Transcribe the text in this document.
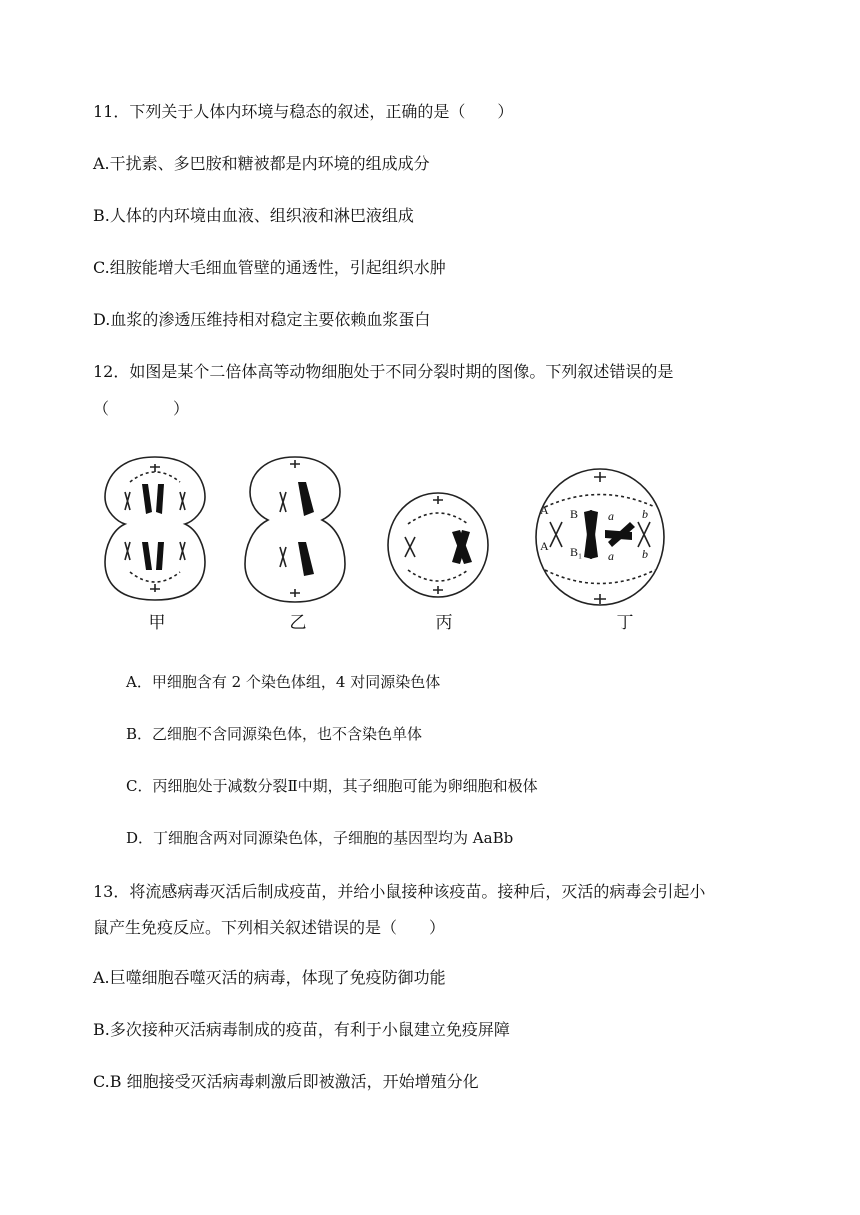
11．下列关于人体内环境与稳态的叙述，正确的是（　　）
A.干扰素、多巴胺和糖被都是内环境的组成成分
B.人体的内环境由血液、组织液和淋巴液组成
C.组胺能增大毛细血管壁的通透性，引起组织水肿
D.血浆的渗透压维持相对稳定主要依赖血浆蛋白
12．如图是某个二倍体高等动物细胞处于不同分裂时期的图像。下列叙述错误的是
（　　　　）
A
A
B
B₁
a
a
b
b
甲	乙	丙	丁
A．甲细胞含有 2 个染色体组，4 对同源染色体
B．乙细胞不含同源染色体，也不含染色单体
C．丙细胞处于减数分裂Ⅱ中期，其子细胞可能为卵细胞和极体
D．丁细胞含两对同源染色体，子细胞的基因型均为 AaBb
13．将流感病毒灭活后制成疫苗，并给小鼠接种该疫苗。接种后，灭活的病毒会引起小
鼠产生免疫反应。下列相关叙述错误的是（　　）
A.巨噬细胞吞噬灭活的病毒，体现了免疫防御功能
B.多次接种灭活病毒制成的疫苗，有利于小鼠建立免疫屏障
C.B 细胞接受灭活病毒刺激后即被激活，开始增殖分化
